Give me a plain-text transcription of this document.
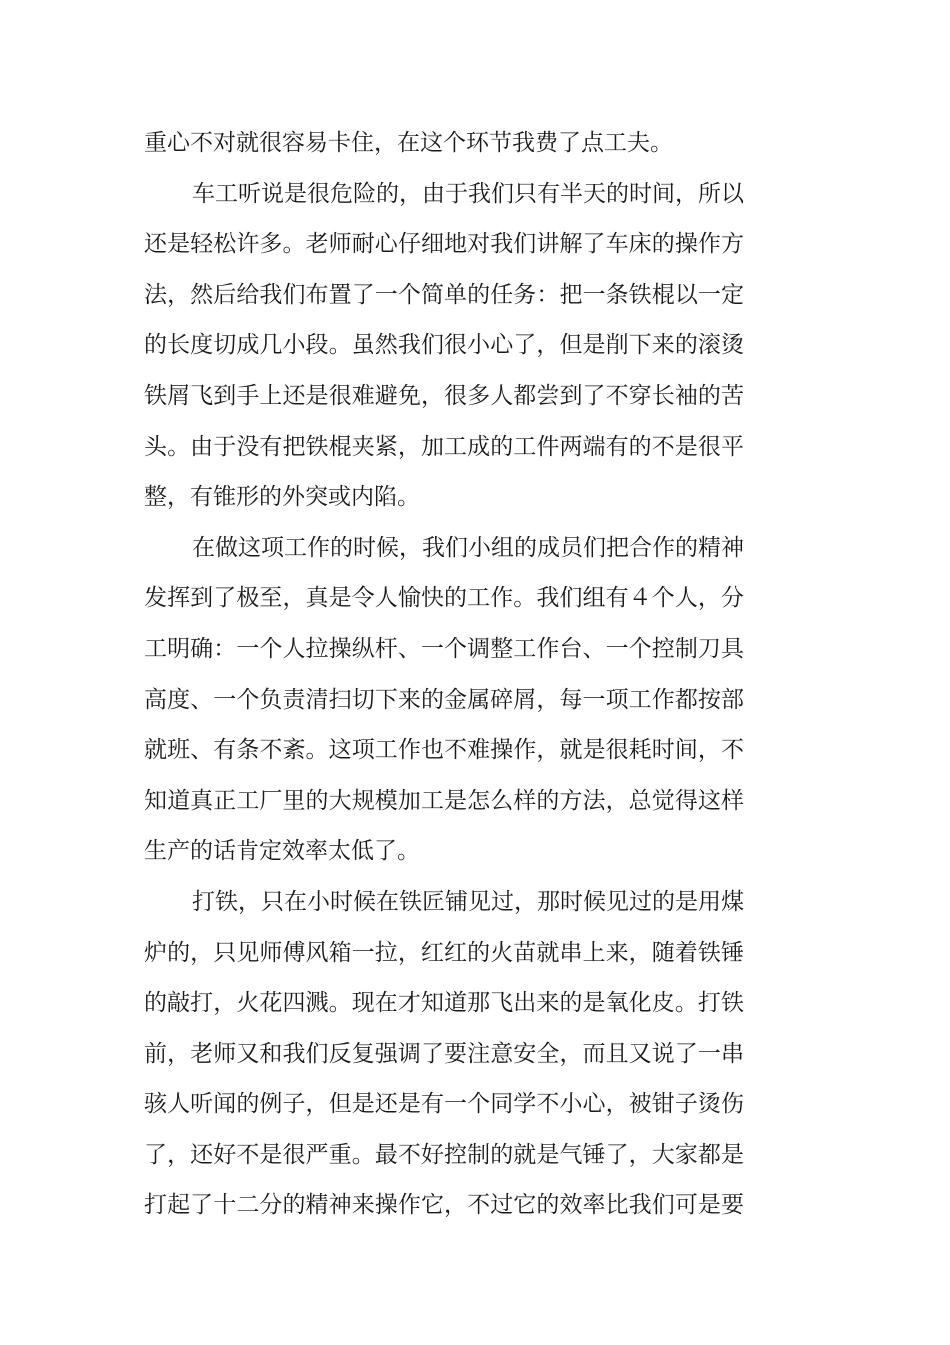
重心不对就很容易卡住，在这个环节我费了点工夫。
车工听说是很危险的，由于我们只有半天的时间，所以
还是轻松许多。老师耐心仔细地对我们讲解了车床的操作方
法，然后给我们布置了一个简单的任务：把一条铁棍以一定
的长度切成几小段。虽然我们很小心了，但是削下来的滚烫
铁屑飞到手上还是很难避免，很多人都尝到了不穿长袖的苦
头。由于没有把铁棍夹紧，加工成的工件两端有的不是很平
整，有锥形的外突或内陷。
在做这项工作的时候，我们小组的成员们把合作的精神
发挥到了极至，真是令人愉快的工作。我们组有４个人，分
工明确：一个人拉操纵杆、一个调整工作台、一个控制刀具
高度、一个负责清扫切下来的金属碎屑，每一项工作都按部
就班、有条不紊。这项工作也不难操作，就是很耗时间，不
知道真正工厂里的大规模加工是怎么样的方法，总觉得这样
生产的话肯定效率太低了。
打铁，只在小时候在铁匠铺见过，那时候见过的是用煤
炉的，只见师傅风箱一拉，红红的火苗就串上来，随着铁锤
的敲打，火花四溅。现在才知道那飞出来的是氧化皮。打铁
前，老师又和我们反复强调了要注意安全，而且又说了一串
骇人听闻的例子，但是还是有一个同学不小心，被钳子烫伤
了，还好不是很严重。最不好控制的就是气锤了，大家都是
打起了十二分的精神来操作它，不过它的效率比我们可是要
